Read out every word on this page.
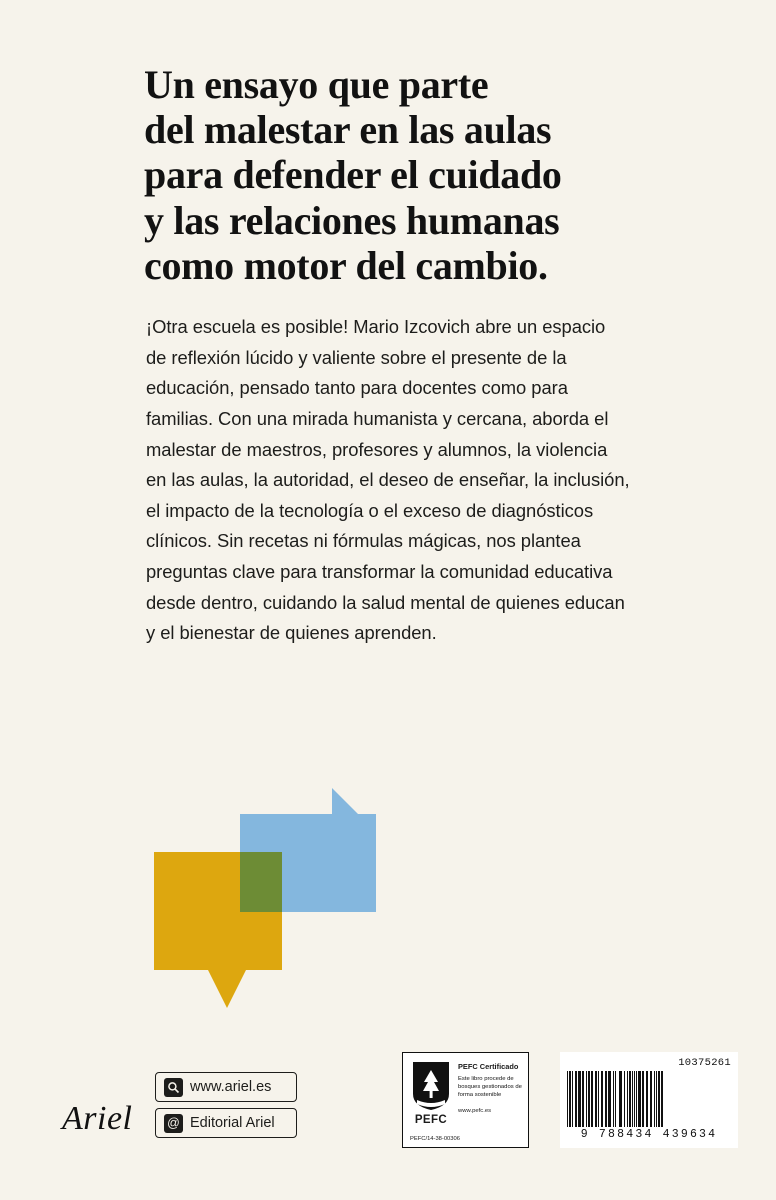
Un ensayo que parte
del malestar en las aulas
para defender el cuidado
y las relaciones humanas
como motor del cambio.

¡Otra escuela es posible! Mario Izcovich abre un espacio de reflexión lúcido y valiente sobre el presente de la educación, pensado tanto para docentes como para familias. Con una mirada humanista y cercana, aborda el malestar de maestros, profesores y alumnos, la violencia en las aulas, la autoridad, el deseo de enseñar, la inclusión, el impacto de la tecnología o el exceso de diagnósticos clínicos. Sin recetas ni fórmulas mágicas, nos plantea preguntas clave para transformar la comunidad educativa desde dentro, cuidando la salud mental de quienes educan y el bienestar de quienes aprenden.

Ariel
www.ariel.es
@ Editorial Ariel	PEFC
PEFC Certificado
Este libro procede de bosques gestionados de forma sostenible
www.pefc.es
PEFC/14-38-00306
10375261
9 788434 439634
